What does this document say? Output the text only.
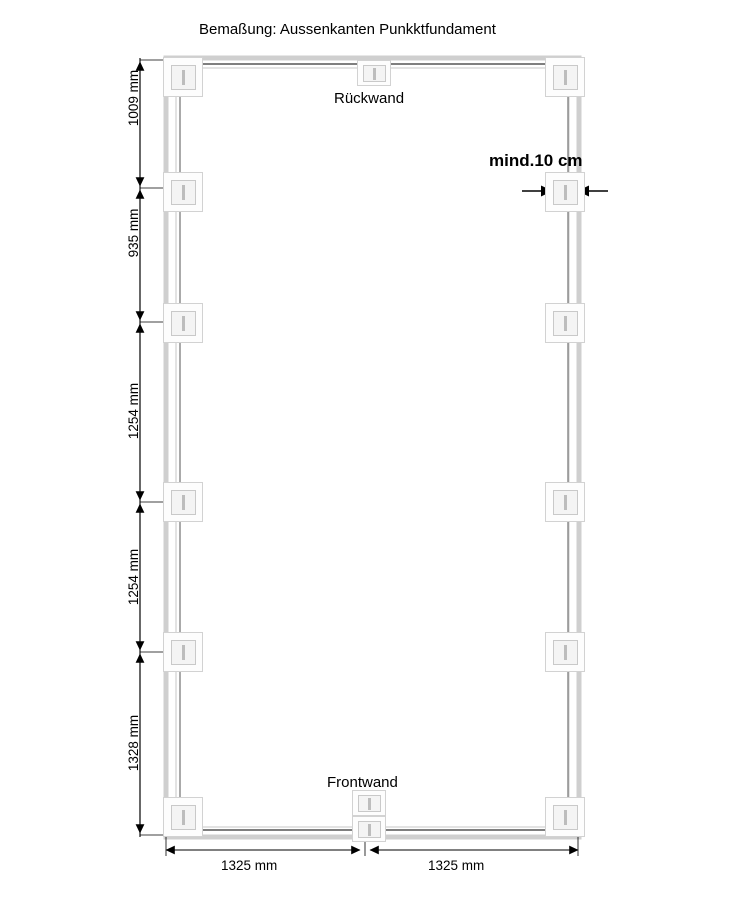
Bemaßung: Aussenkanten Punkktfundament
Rückwand
Frontwand
mind.10 cm
1009 mm
935 mm
1254 mm
1254 mm
1328 mm
1325 mm	1325 mm
